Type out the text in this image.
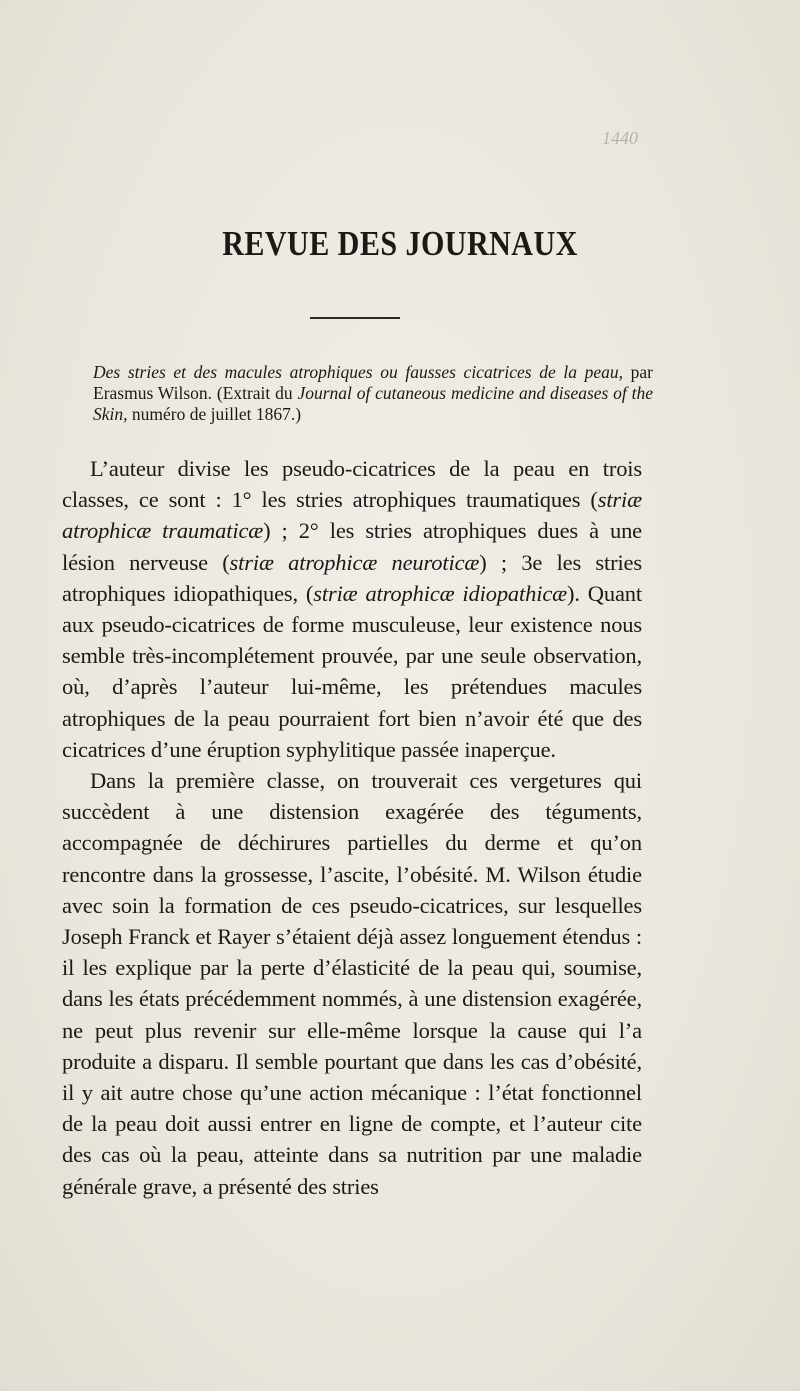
1440
REVUE DES JOURNAUX
Des stries et des macules atrophiques ou fausses cicatrices de la peau, par Erasmus Wilson. (Extrait du Journal of cutaneous medicine and diseases of the Skin, numéro de juillet 1867.)

L’auteur divise les pseudo-cicatrices de la peau en trois classes, ce sont : 1° les stries atrophiques traumatiques (striæ atrophicæ traumaticæ) ; 2° les stries atrophiques dues à une lésion nerveuse (striæ atrophicæ neuroticæ) ; 3e les stries atrophiques idiopathiques, (striæ atrophicæ idiopathicæ). Quant aux pseudo-cicatrices de forme musculeuse, leur existence nous semble très-incomplétement prouvée, par une seule observation, où, d’après l’auteur lui-même, les prétendues macules atrophiques de la peau pourraient fort bien n’avoir été que des cicatrices d’une éruption syphylitique passée inaperçue.

Dans la première classe, on trouverait ces vergetures qui succèdent à une distension exagérée des téguments, accompagnée de déchirures partielles du derme et qu’on rencontre dans la grossesse, l’ascite, l’obésité. M. Wilson étudie avec soin la formation de ces pseudo-cicatrices, sur lesquelles Joseph Franck et Rayer s’étaient déjà assez longuement étendus : il les explique par la perte d’élasticité de la peau qui, soumise, dans les états précédemment nommés, à une distension exagérée, ne peut plus revenir sur elle-même lorsque la cause qui l’a produite a disparu. Il semble pourtant que dans les cas d’obésité, il y ait autre chose qu’une action mécanique : l’état fonctionnel de la peau doit aussi entrer en ligne de compte, et l’auteur cite des cas où la peau, atteinte dans sa nutrition par une maladie générale grave, a présenté des stries
